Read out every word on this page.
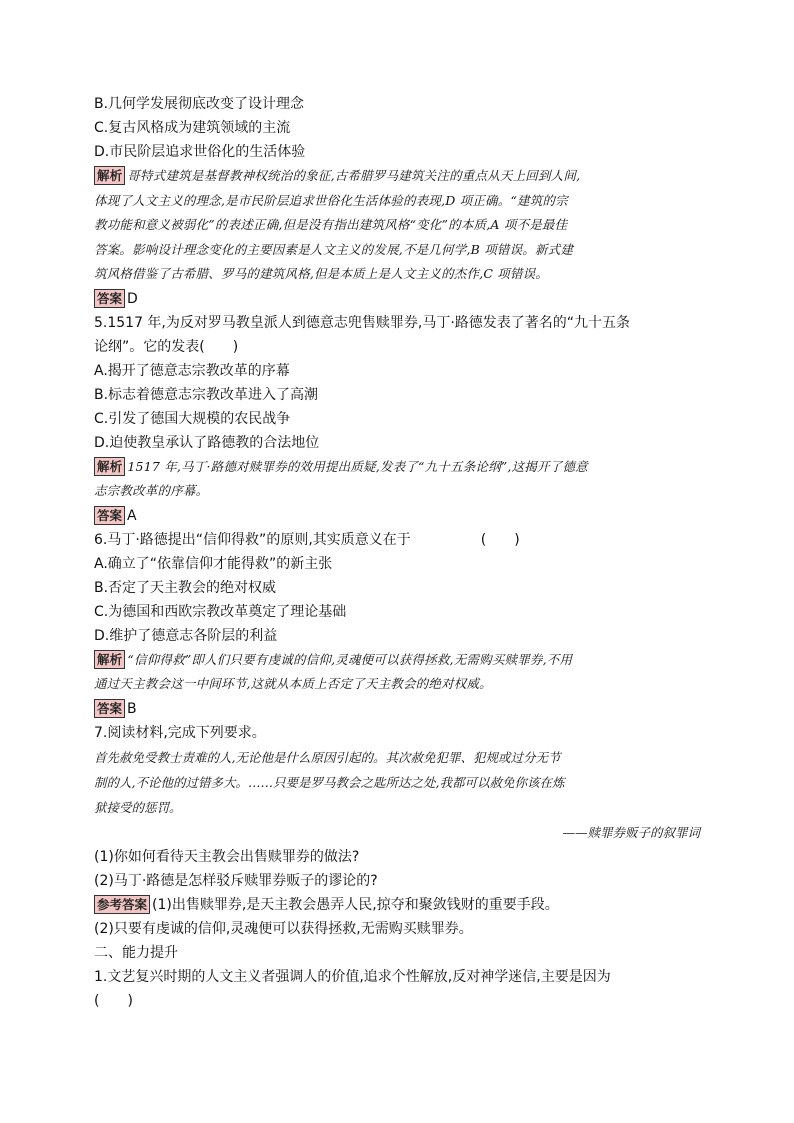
B.几何学发展彻底改变了设计理念
C.复古风格成为建筑领域的主流
D.市民阶层追求世俗化的生活体验
解析 哥特式建筑是基督教神权统治的象征,古希腊罗马建筑关注的重点从天上回到人间,
体现了人文主义的理念,是市民阶层追求世俗化生活体验的表现,D 项正确。“建筑的宗
教功能和意义被弱化”的表述正确,但是没有指出建筑风格“变化”的本质,A 项不是最佳
答案。影响设计理念变化的主要因素是人文主义的发展,不是几何学,B 项错误。新式建
筑风格借鉴了古希腊、罗马的建筑风格,但是本质上是人文主义的杰作,C 项错误。
答案 D
5.1517 年,为反对罗马教皇派人到德意志兜售赎罪券,马丁·路德发表了著名的“九十五条
论纲”。它的发表(　　)
A.揭开了德意志宗教改革的序幕
B.标志着德意志宗教改革进入了高潮
C.引发了德国大规模的农民战争
D.迫使教皇承认了路德教的合法地位
解析 1517 年,马丁·路德对赎罪券的效用提出质疑,发表了“九十五条论纲”,这揭开了德意
志宗教改革的序幕。
答案 A
6.马丁·路德提出“信仰得救”的原则,其实质意义在于	(　　)
A.确立了“依靠信仰才能得救”的新主张
B.否定了天主教会的绝对权威
C.为德国和西欧宗教改革奠定了理论基础
D.维护了德意志各阶层的利益
解析 “信仰得救”即人们只要有虔诚的信仰,灵魂便可以获得拯救,无需购买赎罪券,不用
通过天主教会这一中间环节,这就从本质上否定了天主教会的绝对权威。
答案 B
7.阅读材料,完成下列要求。
首先赦免受教士责难的人,无论他是什么原因引起的。其次赦免犯罪、犯规或过分无节
制的人,不论他的过错多大。……只要是罗马教会之匙所达之处,我都可以赦免你该在炼
狱接受的惩罚。
——赎罪券贩子的叙罪词
(1)你如何看待天主教会出售赎罪券的做法?
(2)马丁·路德是怎样驳斥赎罪券贩子的谬论的?
参考答案 (1)出售赎罪券,是天主教会愚弄人民,掠夺和聚敛钱财的重要手段。
(2)只要有虔诚的信仰,灵魂便可以获得拯救,无需购买赎罪券。
二、能力提升
1.文艺复兴时期的人文主义者强调人的价值,追求个性解放,反对神学迷信,主要是因为
(　　)
